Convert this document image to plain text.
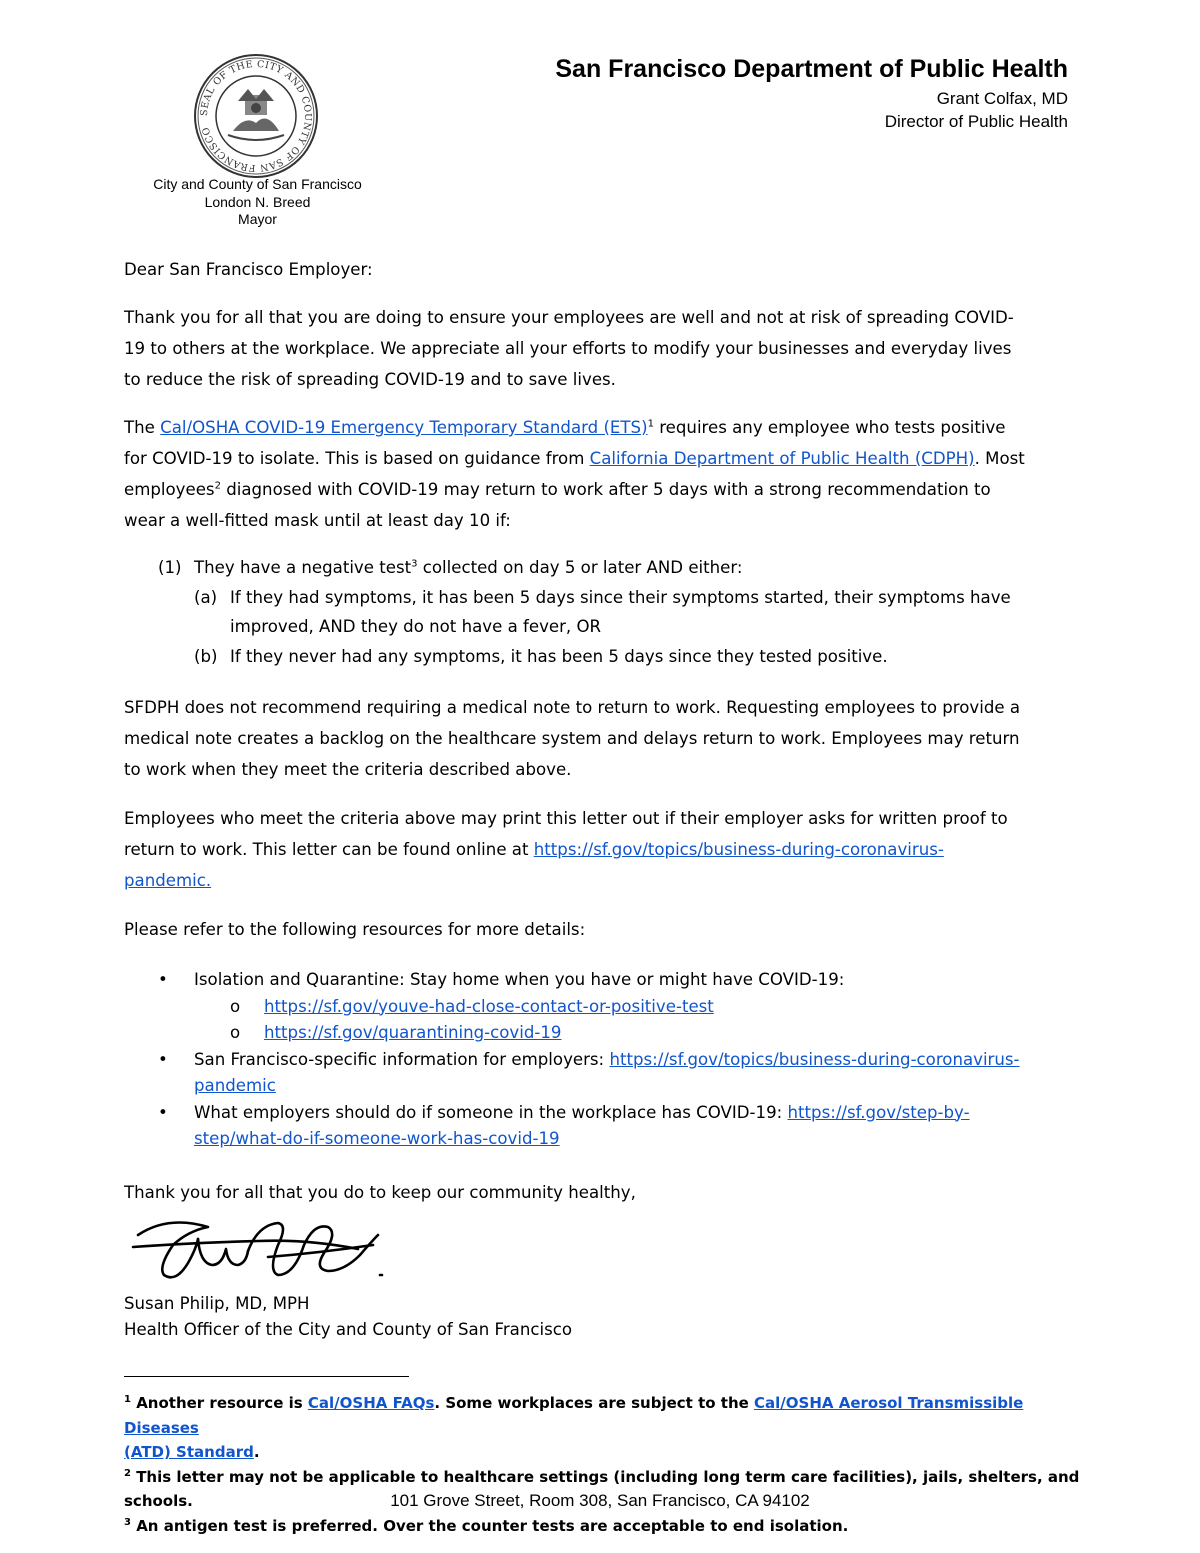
SEAL OF THE CITY AND COUNTY OF SAN FRANCISCO
City and County of San Francisco
London N. Breed
Mayor
San Francisco Department of Public Health
Grant Colfax, MD
Director of Public Health
Dear San Francisco Employer:

Thank you for all that you are doing to ensure your employees are well and not at risk of spreading COVID-

19 to others at the workplace. We appreciate all your efforts to modify your businesses and everyday lives

to reduce the risk of spreading COVID-19 and to save lives.

The Cal/OSHA COVID-19 Emergency Temporary Standard (ETS)$^1$ requires any employee who tests positive

for COVID-19 to isolate. This is based on guidance from California Department of Public Health (CDPH). Most

employees$^2$ diagnosed with COVID-19 may return to work after 5 days with a strong recommendation to

wear a well-fitted mask until at least day 10 if:

(1) They have a negative test$^3$ collected on day 5 or later AND either:
(a) If they had symptoms, it has been 5 days since their symptoms started, their symptoms have
improved, AND they do not have a fever, OR
(b) If they never had any symptoms, it has been 5 days since they tested positive.

SFDPH does not recommend requiring a medical note to return to work. Requesting employees to provide a

medical note creates a backlog on the healthcare system and delays return to work. Employees may return

to work when they meet the criteria described above.

Employees who meet the criteria above may print this letter out if their employer asks for written proof to

return to work. This letter can be found online at https://sf.gov/topics/business-during-coronavirus-

pandemic.

Please refer to the following resources for more details:
•	Isolation and Quarantine: Stay home when you have or might have COVID-19:
o	https://sf.gov/youve-had-close-contact-or-positive-test
o	https://sf.gov/quarantining-covid-19
•	San Francisco-specific information for employers: https://sf.gov/topics/business-during-coronavirus-
pandemic
•	What employers should do if someone in the workplace has COVID-19: https://sf.gov/step-by-
step/what-do-if-someone-work-has-covid-19
Thank you for all that you do to keep our community healthy,

Susan Philip, MD, MPH

Health Officer of the City and County of San Francisco

$^1$ Another resource is Cal/OSHA FAQs. Some workplaces are subject to the Cal/OSHA Aerosol Transmissible Diseases
(ATD) Standard.

$^2$ This letter may not be applicable to healthcare settings (including long term care facilities), jails, shelters, and schools.

$^3$ An antigen test is preferred. Over the counter tests are acceptable to end isolation.

101 Grove Street, Room 308, San Francisco, CA 94102
